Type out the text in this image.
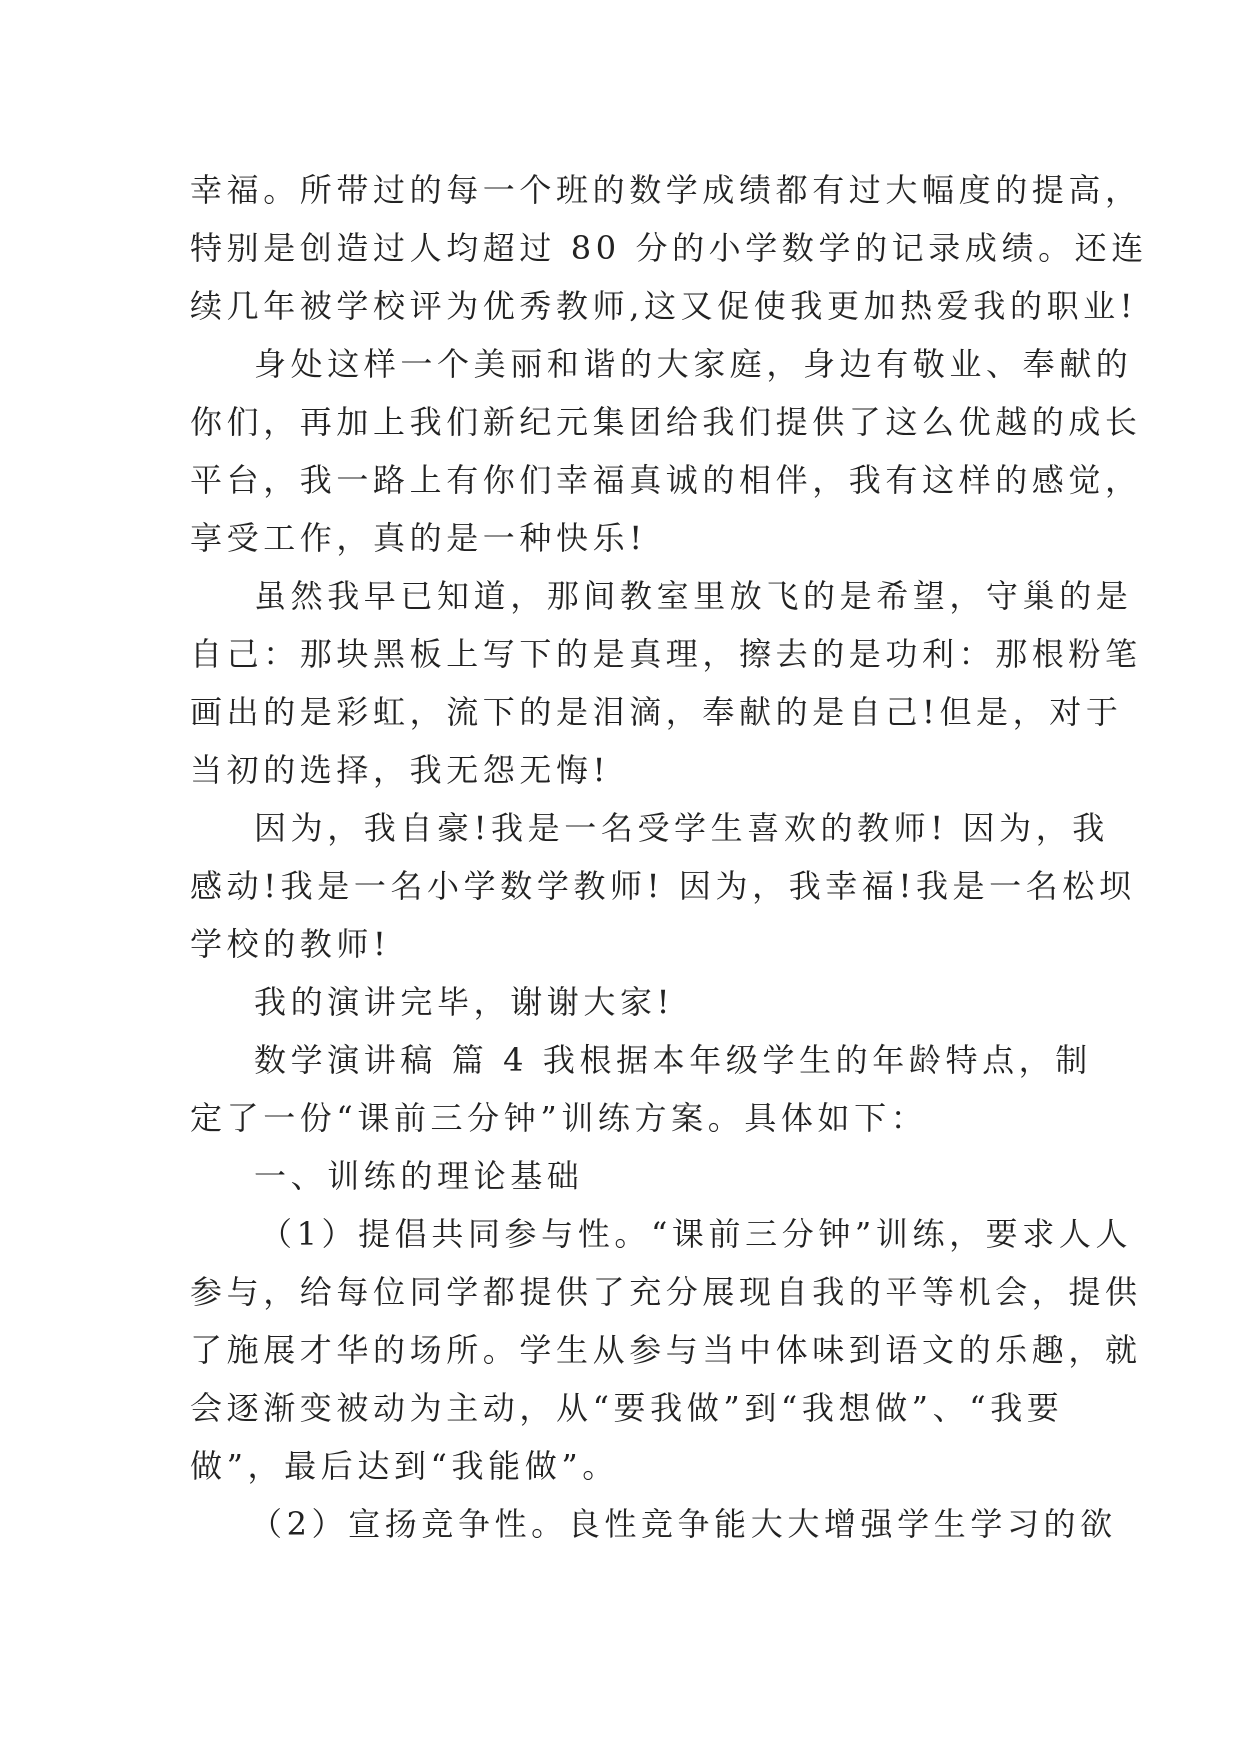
幸福。所带过的每一个班的数学成绩都有过大幅度的提高，
特别是创造过人均超过 80 分的小学数学的记录成绩。还连
续几年被学校评为优秀教师,这又促使我更加热爱我的职业!
身处这样一个美丽和谐的大家庭，身边有敬业、奉献的
你们，再加上我们新纪元集团给我们提供了这么优越的成长
平台，我一路上有你们幸福真诚的相伴，我有这样的感觉，
享受工作，真的是一种快乐!
虽然我早已知道，那间教室里放飞的是希望，守巢的是
自己：那块黑板上写下的是真理，擦去的是功利：那根粉笔
画出的是彩虹，流下的是泪滴，奉献的是自己!但是，对于
当初的选择，我无怨无悔!
因为，我自豪!我是一名受学生喜欢的教师! 因为，我
感动!我是一名小学数学教师! 因为，我幸福!我是一名松坝
学校的教师!
我的演讲完毕，谢谢大家!
数学演讲稿 篇 4 我根据本年级学生的年龄特点，制
定了一份“课前三分钟”训练方案。具体如下：
一、训练的理论基础
（1）提倡共同参与性。“课前三分钟”训练，要求人人
参与，给每位同学都提供了充分展现自我的平等机会，提供
了施展才华的场所。学生从参与当中体味到语文的乐趣，就
会逐渐变被动为主动，从“要我做”到“我想做”、“我要
做”，最后达到“我能做”。
（2）宣扬竞争性。良性竞争能大大增强学生学习的欲
